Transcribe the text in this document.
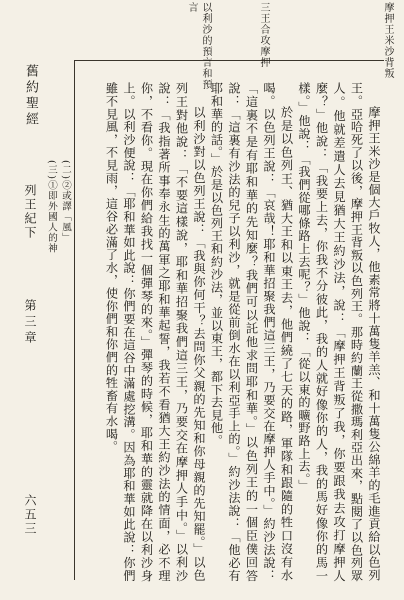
摩押王米沙背叛
三王合攻摩押
以利沙的預言和預
言
舊約聖經
列王紀下
第三章
六五三
(二)②或譯「風」
(三)①即外國人的神	摩押王米沙是個大戶牧人，他素常將十萬隻羊羔、和十萬隻公綿羊的毛進貢給以色列王。亞哈死了以後，摩押王背叛以色列王。那時約蘭王從撒瑪利亞出來，點閱了以色列眾人。他就差遣人去見猶大王約沙法，說：「摩押王背叛了我，你要跟我去攻打摩押人麼？」他說：「我要上去，你我不分彼此，我的人就好像你的人，我的馬好像你的馬一樣。」他說：「我們從哪條路上去呢？」他說：「從以東的曠野路上去。」

於是以色列王、猶大王和以東王去，他們繞了七天的路，軍隊和跟隨的牲口沒有水喝。以色列王說：「哀哉！耶和華招聚我們這三王，乃要交在摩押人手中。」約沙法說：「這裏不是有耶和華的先知麼？我們可以託他求問耶和華。」以色列王的一個臣僕回答說：「這裏有沙法的兒子以利沙，就是從前倒水在以利亞手上的。」約沙法說：「他必有耶和華的話。」於是以色列王和約沙法，並以東王，都下去見他。

以利沙對以色列王說：「我與你何干？去問你父親的先知和你母親的先知罷。」以色列王對他說：「不要這樣說，耶和華招聚我們這三王，乃要交在摩押人手中。」以利沙說：「我指著所事奉永生的萬軍之耶和華起誓，我若不看猶大王約沙法的情面，必不理你，不看你。現在你們給我找一個彈琴的來。」彈琴的時候，耶和華的靈就降在以利沙身上。以利沙便說：「耶和華如此說：你們要在這谷中滿處挖溝。因為耶和華如此說：你們雖不見風，不見雨，這谷必滿了水，使你們和你們的牲畜有水喝。
